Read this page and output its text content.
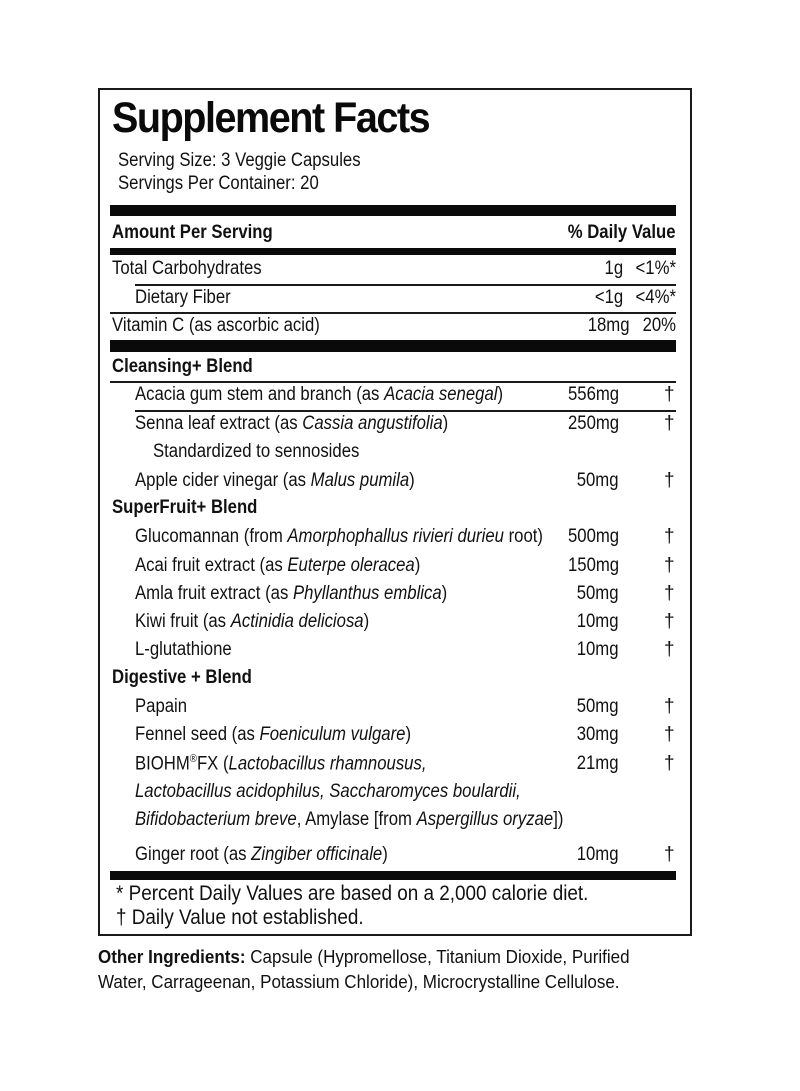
Supplement Facts
Serving Size: 3 Veggie Capsules
Servings Per Container: 20
Amount Per Serving	% Daily Value
Total Carbohydrates	1g <1%*
Dietary Fiber	<1g <4%*
Vitamin C (as ascorbic acid)	18mg 20%
Cleansing+ Blend
Acacia gum stem and branch (as Acacia senegal)	556mg †
Senna leaf extract (as Cassia angustifolia)	250mg †
Standardized to sennosides
Apple cider vinegar (as Malus pumila)	50mg †
SuperFruit+ Blend
Glucomannan (from Amorphophallus rivieri durieu root) 500mg †
Acai fruit extract (as Euterpe oleracea)	150mg †
Amla fruit extract (as Phyllanthus emblica)	50mg †
Kiwi fruit (as Actinidia deliciosa)	10mg †
L-glutathione	10mg †
Digestive + Blend
Papain	50mg †
Fennel seed (as Foeniculum vulgare)	30mg †
BIOHM®FX (Lactobacillus rhamnousus,	21mg †
Lactobacillus acidophilus, Saccharomyces boulardii,
Bifidobacterium breve, Amylase [from Aspergillus oryzae])
Ginger root (as Zingiber officinale)	10mg †
* Percent Daily Values are based on a 2,000 calorie diet.
† Daily Value not established.
Other Ingredients: Capsule (Hypromellose, Titanium Dioxide, Purified
Water, Carrageenan, Potassium Chloride), Microcrystalline Cellulose.
